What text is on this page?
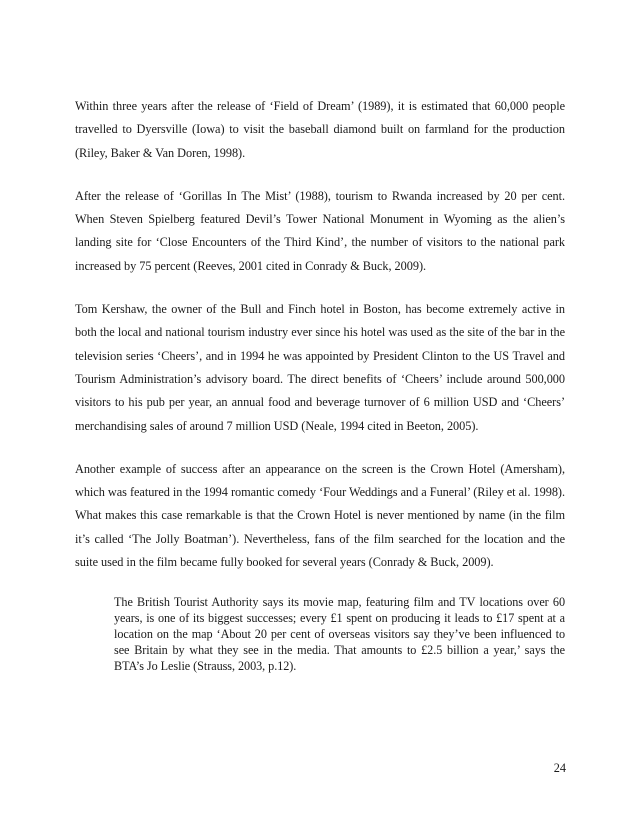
Within three years after the release of ‘Field of Dream’ (1989), it is estimated that 60,000 people travelled to Dyersville (Iowa) to visit the baseball diamond built on farmland for the production (Riley, Baker & Van Doren, 1998).

After the release of ‘Gorillas In The Mist’ (1988), tourism to Rwanda increased by 20 per cent. When Steven Spielberg featured Devil’s Tower National Monument in Wyoming as the alien’s landing site for ‘Close Encounters of the Third Kind’, the number of visitors to the national park increased by 75 percent (Reeves, 2001 cited in Conrady & Buck, 2009).

Tom Kershaw, the owner of the Bull and Finch hotel in Boston, has become extremely active in both the local and national tourism industry ever since his hotel was used as the site of the bar in the television series ‘Cheers’, and in 1994 he was appointed by President Clinton to the US Travel and Tourism Administration’s advisory board. The direct benefits of ‘Cheers’ include around 500,000 visitors to his pub per year, an annual food and beverage turnover of 6 million USD and ‘Cheers’ merchandising sales of around 7 million USD (Neale, 1994 cited in Beeton, 2005).

Another example of success after an appearance on the screen is the Crown Hotel (Amersham), which was featured in the 1994 romantic comedy ‘Four Weddings and a Funeral’ (Riley et al. 1998). What makes this case remarkable is that the Crown Hotel is never mentioned by name (in the film it’s called ‘The Jolly Boatman’). Nevertheless, fans of the film searched for the location and the suite used in the film became fully booked for several years (Conrady & Buck, 2009).

The British Tourist Authority says its movie map, featuring film and TV locations over 60 years, is one of its biggest successes; every £1 spent on producing it leads to £17 spent at a location on the map ‘About 20 per cent of overseas visitors say they’ve been influenced to see Britain by what they see in the media. That amounts to £2.5 billion a year,’ says the BTA’s Jo Leslie (Strauss, 2003, p.12).

24
